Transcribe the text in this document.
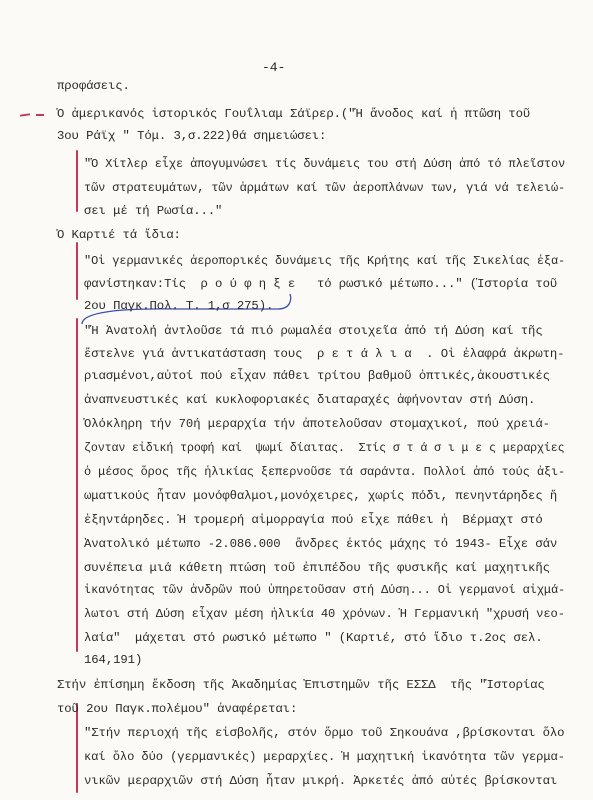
-4-
προφάσεις.
Ὁ ἀμερικανός ἱστορικός Γουΐλιαμ Σάϊρερ.("Ἡ ἄνοδος καί ἡ πτῶση τοῦ
3ου Ράϊχ " Τόμ. 3,σ.222)θά σημειώσει:
"Ὁ Χίτλερ εἶχε ἀπογυμνώσει τίς δυνάμεις του στή Δύση ἀπό τό πλεῖστον
τῶν στρατευμάτων, τῶν ἁρμάτων καί τῶν ἀεροπλάνων των, γιά νά τελειώ-
σει μέ τή Ρωσία..."
Ὁ Καρτιέ τά ἴδια:
"Οἱ γερμανικές ἀεροπορικές δυνάμεις τῆς Κρήτης καί τῆς Σικελίας ἐξα-
φανίστηκαν:Τίς  ρ ο ύ φ η ξ ε   τό ρωσικό μέτωπο..." (Ἱστορία τοῦ
2ου Παγκ.Πολ. Τ. 1,σ 275).
"Ἡ Ἀνατολή ἀντλοῦσε τά πιό ρωμαλέα στοιχεῖα ἀπό τή Δύση καί τῆς
ἔστελνε γιά ἀντικατάσταση τους  ρ ε τ ά λ ι α  . Οἱ ἐλαφρά ἀκρωτη-
ριασμένοι,αὐτοί πού εἶχαν πάθει τρίτου βαθμοῦ ὀπτικές,ἀκουστικές
ἀναπνευστικές καί κυκλοφοριακές διαταραχές ἀφήνονταν στή Δύση.
Ὁλόκληρη τήν 70ή μεραρχία τήν ἀποτελοῦσαν στομαχικοί, πού χρειά-
ζονταν εἰδική τροφή καί  ψωμί δίαιτας.  Στίς σ τ ά σ ι μ ε ς μεραρχίες
ὁ μέσος ὅρος τῆς ἡλικίας ξεπερνοῦσε τά σαράντα. Πολλοί ἀπό τούς ἀξι-
ωματικούς ἦταν μονόφθαλμοι,μονόχειρες, χωρίς πόδι, πενηντάρηδες ἤ
ἑξηντάρηδες. Ἡ τρομερή αἱμορραγία πού εἶχε πάθει ἡ  Βέρμαχτ στό
Ἀνατολικό μέτωπο -2.086.000  ἄνδρες ἐκτός μάχης τό 1943- Εἶχε σάν
συνέπεια μιά κάθετη πτώση τοῦ ἐπιπέδου τῆς φυσικῆς καί μαχητικῆς
ἱκανότητας τῶν ἀνδρῶν πού ὑπηρετοῦσαν στή Δύση... Οἱ γερμανοί αἰχμά-
λωτοι στή Δύση εἶχαν μέση ἡλικία 40 χρόνων. Ἡ Γερμανική "χρυσή νεο-
λαία"  μάχεται στό ρωσικό μέτωπο " (Καρτιέ, στό ἴδιο τ.2ος σελ.
164,191)
Στήν ἐπίσημη ἔκδοση τῆς Ἀκαδημίας Ἐπιστημῶν τῆς ΕΣΣΔ  τῆς "Ἱστορίας
τοῦ 2ου Παγκ.πολέμου" ἀναφέρεται:
"Στήν περιοχή τῆς εἰσβολῆς, στόν ὅρμο τοῦ Σηκουάνα ,βρίσκονται ὅλο
καί ὅλο δύο (γερμανικές) μεραρχίες. Ἡ μαχητική ἱκανότητα τῶν γερμα-
νικῶν μεραρχιῶν στή Δύση ἦταν μικρή. Ἀρκετές ἀπό αὐτές βρίσκονται
